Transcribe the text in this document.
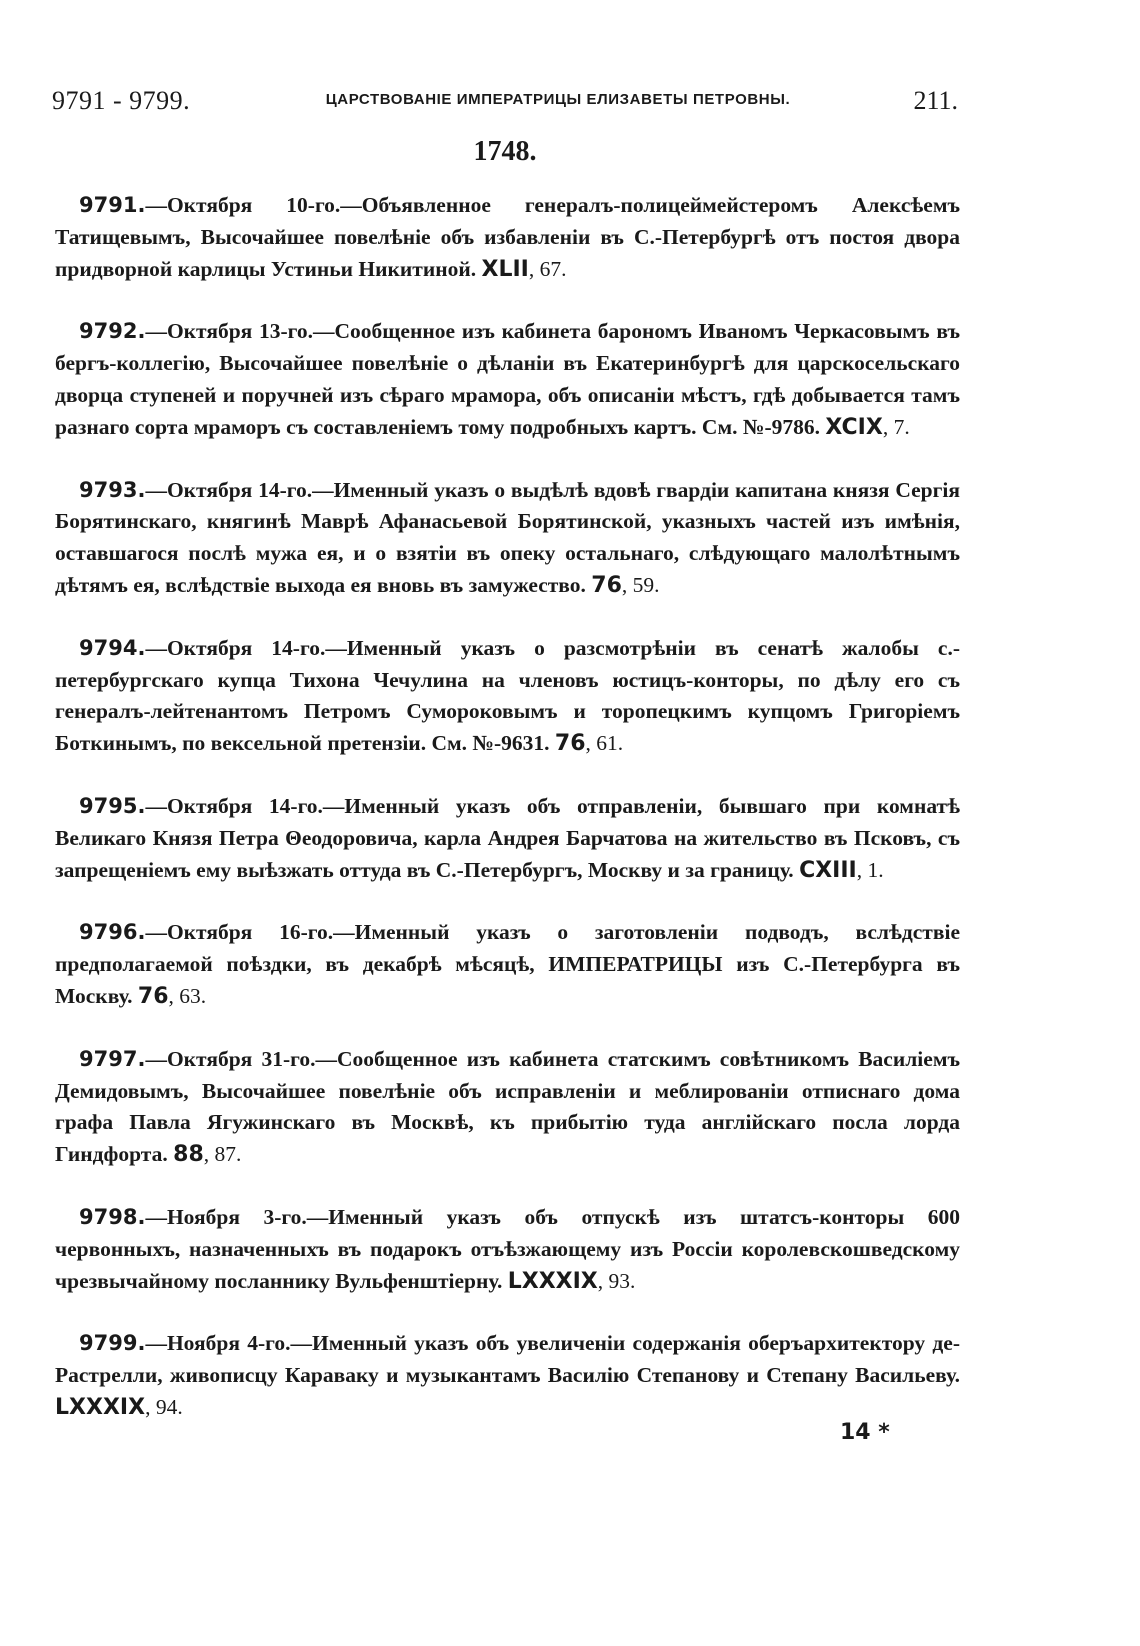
9791 - 9799.	ЦАРСТВОВАНІЕ ИМПЕРАТРИЦЫ ЕЛИЗАВЕТЫ ПЕТРОВНЫ.	211.
1748.

9791.—Октября 10-го.—Объявленное генералъ-полицеймейстеромъ Алексѣемъ Татищевымъ, Высочайшее повелѣніе объ избавленіи въ С.-Петербургѣ отъ постоя двора придворной карлицы Устиньи Никитиной. XLII, 67.

9792.—Октября 13-го.—Сообщенное изъ кабинета барономъ Иваномъ Черкасовымъ въ бергъ-коллегію, Высочайшее повелѣніе о дѣланіи въ Екатеринбургѣ для царскосельскаго дворца ступеней и поручней изъ сѣраго мрамора, объ описаніи мѣстъ, гдѣ добывается тамъ разнаго сорта мраморъ съ составленіемъ тому подробныхъ картъ. См. №-9786. XCIX, 7.

9793.—Октября 14-го.—Именный указъ о выдѣлѣ вдовѣ гвардіи капитана князя Сергія Борятинскаго, княгинѣ Маврѣ Афанасьевой Борятинской, указныхъ частей изъ имѣнія, оставшагося послѣ мужа ея, и о взятіи въ опеку остальнаго, слѣдующаго малолѣтнымъ дѣтямъ ея, вслѣдствіе выхода ея вновь въ замужество. 76, 59.

9794.—Октября 14-го.—Именный указъ о разсмотрѣніи въ сенатѣ жалобы с.-петербургскаго купца Тихона Чечулина на членовъ юстицъ-конторы, по дѣлу его съ генералъ-лейтенантомъ Петромъ Сумороковымъ и торопецкимъ купцомъ Григоріемъ Боткинымъ, по вексельной претензіи. См. №-9631. 76, 61.

9795.—Октября 14-го.—Именный указъ объ отправленіи, бывшаго при комнатѣ Великаго Князя Петра Θеодоровича, карла Андрея Барчатова на жительство въ Псковъ, съ запрещеніемъ ему выѣзжать оттуда въ С.-Петербургъ, Москву и за границу. CXIII, 1.

9796.—Октября 16-го.—Именный указъ о заготовленіи подводъ, вслѣдствіе предполагаемой поѣздки, въ декабрѣ мѣсяцѣ, ИМПЕРАТРИЦЫ изъ С.-Петербурга въ Москву. 76, 63.

9797.—Октября 31-го.—Сообщенное изъ кабинета статскимъ совѣтникомъ Василіемъ Демидовымъ, Высочайшее повелѣніе объ исправленіи и меблированіи отписнаго дома графа Павла Ягужинскаго въ Москвѣ, къ прибытію туда англійскаго посла лорда Гиндфорта. 88, 87.

9798.—Ноября 3-го.—Именный указъ объ отпускѣ изъ штатсъ-конторы 600 червонныхъ, назначенныхъ въ подарокъ отъѣзжающему изъ Россіи королевскошведскому чрезвычайному посланнику Вульфенштіерну. LXXXIX, 93.

9799.—Ноября 4-го.—Именный указъ объ увеличеніи содержанія оберъархитектору де-Растрелли, живописцу Караваку и музыкантамъ Василію Степанову и Степану Васильеву. LXXXIX, 94.

14 *
